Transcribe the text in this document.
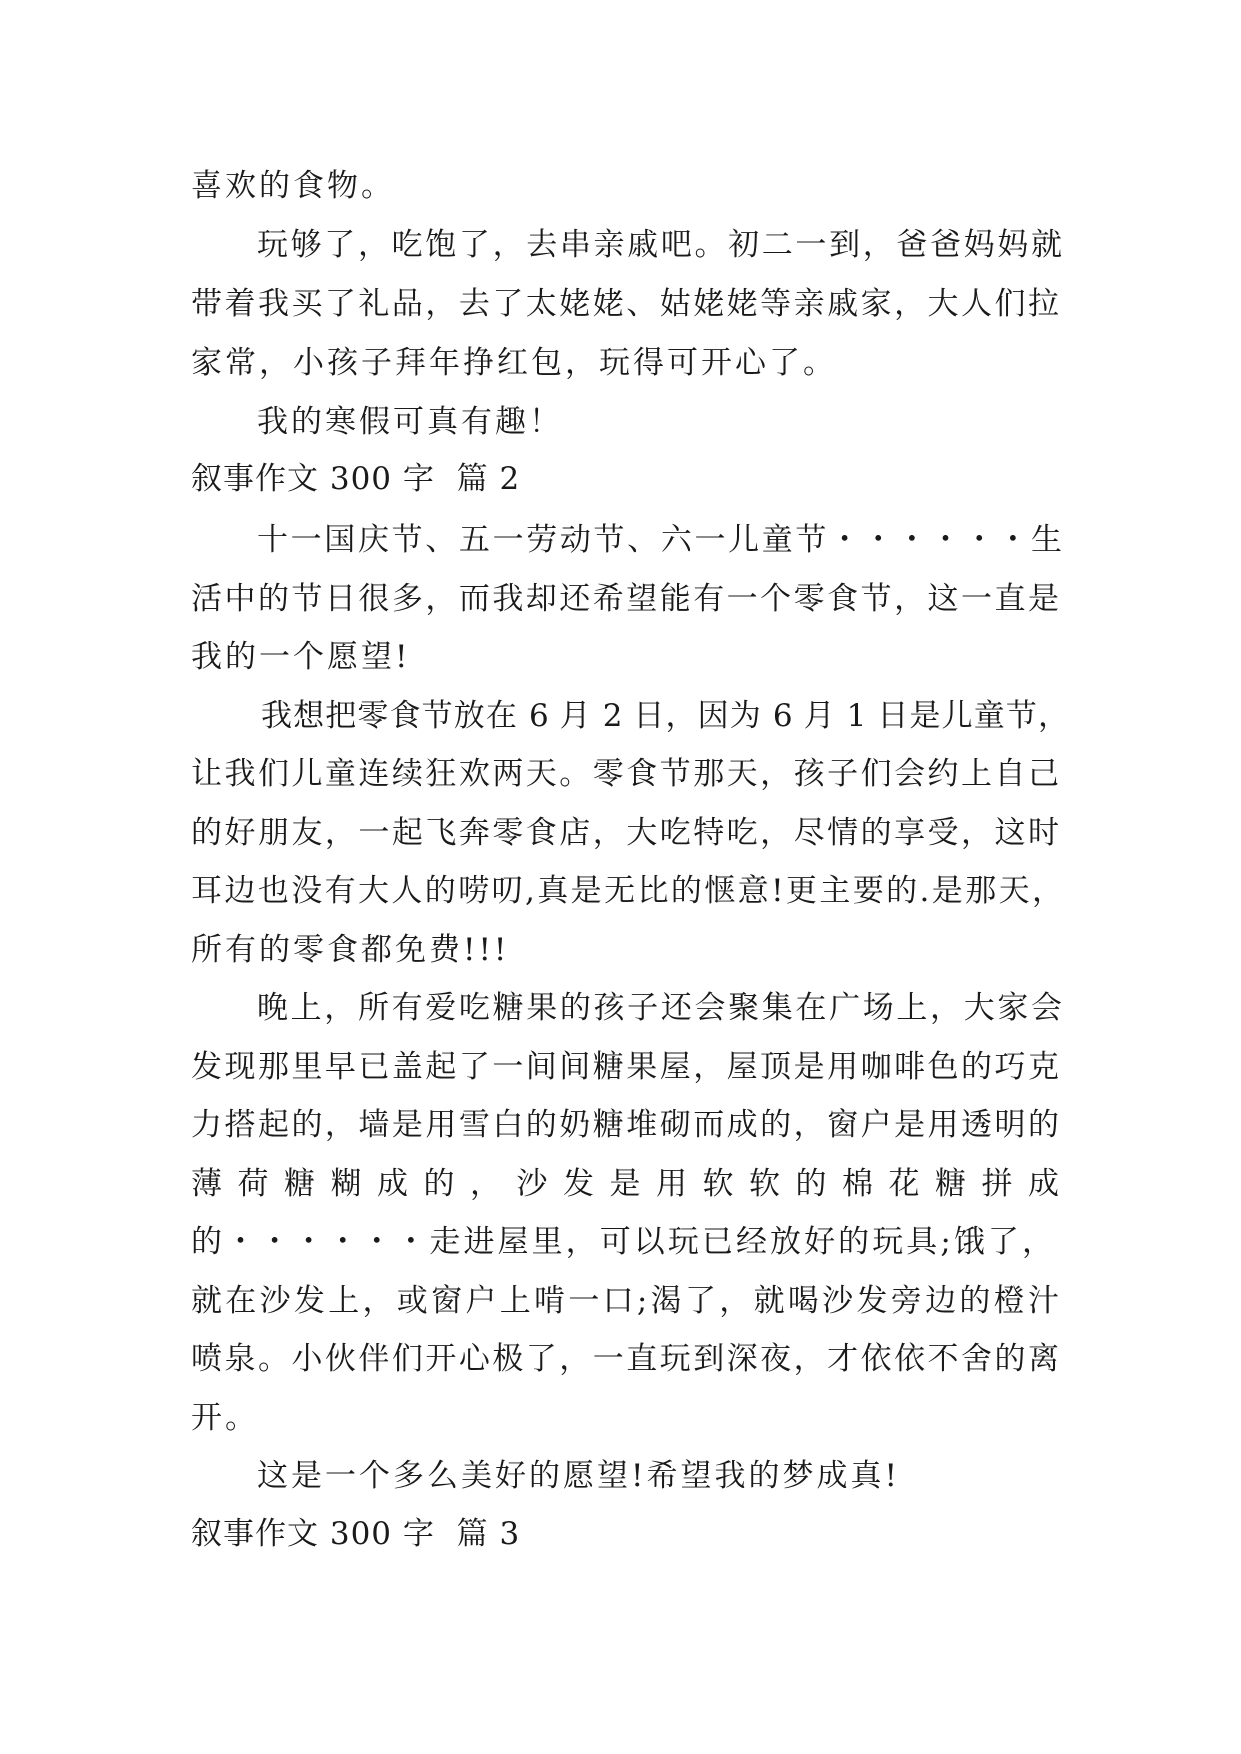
喜欢的食物。
玩够了，吃饱了，去串亲戚吧。初二一到，爸爸妈妈就
带着我买了礼品，去了太姥姥、姑姥姥等亲戚家，大人们拉
家常，小孩子拜年挣红包，玩得可开心了。
我的寒假可真有趣！
叙事作文 300 字  篇 2
十一国庆节、五一劳动节、六一儿童节・・・・・・生
活中的节日很多，而我却还希望能有一个零食节，这一直是
我的一个愿望!
我想把零食节放在 6 月 2 日，因为 6 月 1 日是儿童节，
让我们儿童连续狂欢两天。零食节那天，孩子们会约上自己
的好朋友，一起飞奔零食店，大吃特吃，尽情的享受，这时
耳边也没有大人的唠叨,真是无比的惬意!更主要的.是那天，
所有的零食都免费!!!
晚上，所有爱吃糖果的孩子还会聚集在广场上，大家会
发现那里早已盖起了一间间糖果屋，屋顶是用咖啡色的巧克
力搭起的，墙是用雪白的奶糖堆砌而成的，窗户是用透明的
薄 荷 糖 糊 成 的 ， 沙 发 是 用 软 软 的 棉 花 糖 拼 成
的・・・・・・走进屋里，可以玩已经放好的玩具;饿了，
就在沙发上，或窗户上啃一口;渴了，就喝沙发旁边的橙汁
喷泉。小伙伴们开心极了，一直玩到深夜，才依依不舍的离
开。
这是一个多么美好的愿望!希望我的梦成真!
叙事作文 300 字  篇 3
